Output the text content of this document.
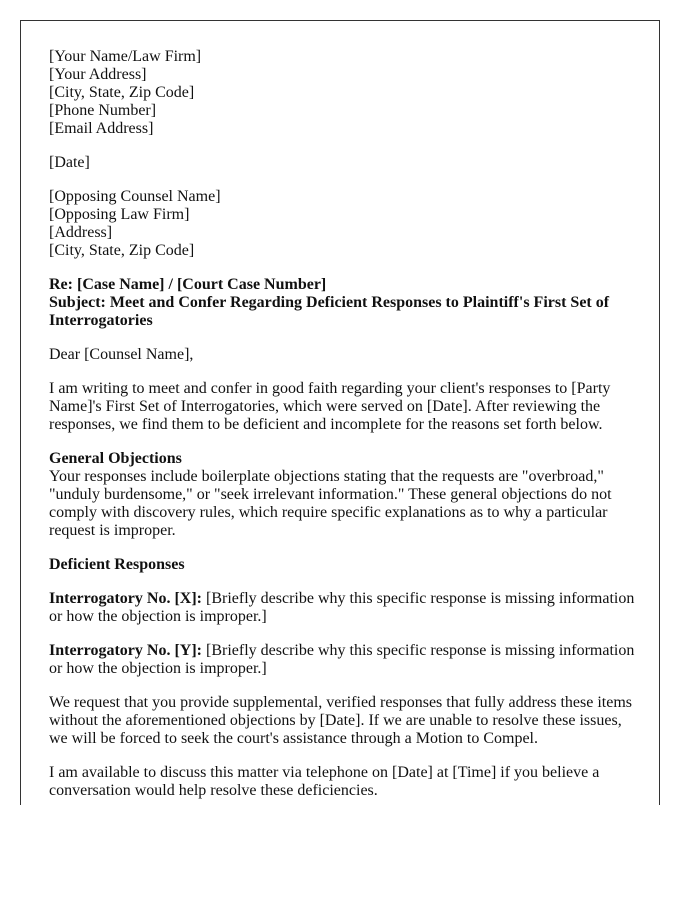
[Your Name/Law Firm]
[Your Address]
[City, State, Zip Code]
[Phone Number]
[Email Address]

[Date]

[Opposing Counsel Name]
[Opposing Law Firm]
[Address]
[City, State, Zip Code]
Re: [Case Name] / [Court Case Number]
Subject: Meet and Confer Regarding Deficient Responses to Plaintiff's First Set of Interrogatories

Dear [Counsel Name],

I am writing to meet and confer in good faith regarding your client's responses to [Party Name]'s First Set of Interrogatories, which were served on [Date]. After reviewing the responses, we find them to be deficient and incomplete for the reasons set forth below.

General Objections
Your responses include boilerplate objections stating that the requests are "overbroad," "unduly burdensome," or "seek irrelevant information." These general objections do not comply with discovery rules, which require specific explanations as to why a particular request is improper.

Deficient Responses

Interrogatory No. [X]: [Briefly describe why this specific response is missing information or how the objection is improper.]

Interrogatory No. [Y]: [Briefly describe why this specific response is missing information or how the objection is improper.]

We request that you provide supplemental, verified responses that fully address these items without the aforementioned objections by [Date]. If we are unable to resolve these issues, we will be forced to seek the court's assistance through a Motion to Compel.

I am available to discuss this matter via telephone on [Date] at [Time] if you believe a conversation would help resolve these deficiencies.
